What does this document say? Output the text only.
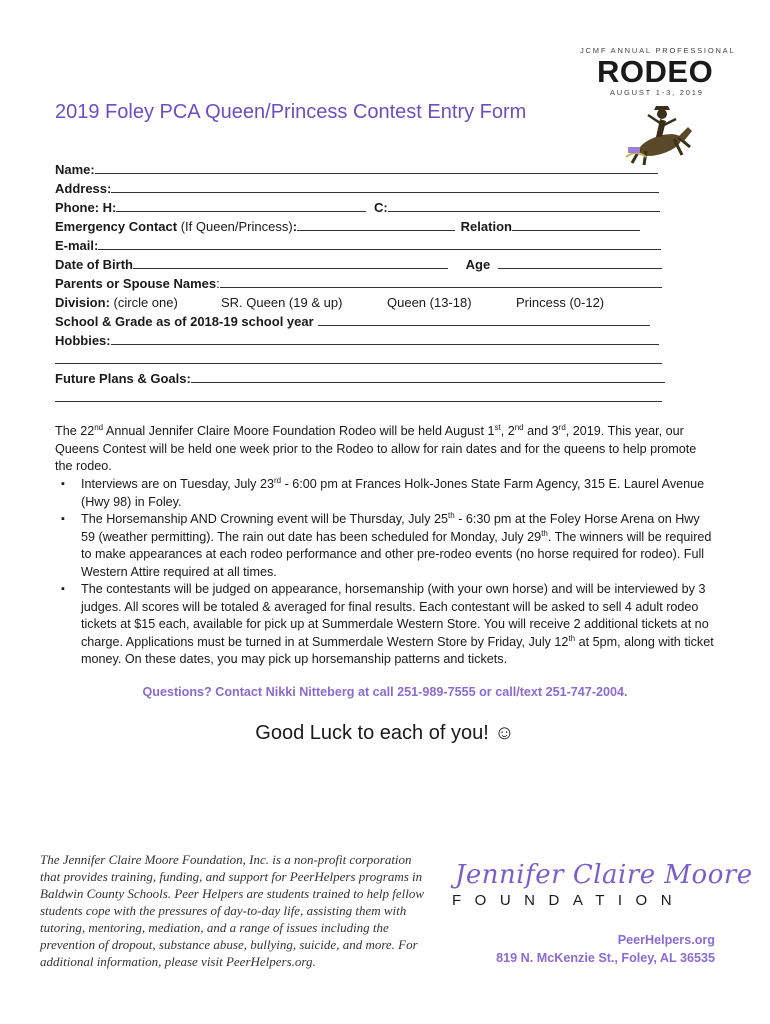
JCMF ANNUAL PROFESSIONAL
RODEO
AUGUST 1-3, 2019
2019 Foley PCA Queen/Princess Contest Entry Form
Name:
Address:
Phone: H:	C:
Emergency Contact (If Queen/Princess):	Relation
E-mail:
Date of Birth	Age
Parents or Spouse Names:
Division: (circle one)	SR. Queen (19 & up)	Queen (13-18)	Princess (0-12)
School & Grade as of 2018-19 school year
Hobbies:
Future Plans & Goals:
The 22nd Annual Jennifer Claire Moore Foundation Rodeo will be held August 1st, 2nd and 3rd, 2019. This year, our Queens Contest will be held one week prior to the Rodeo to allow for rain dates and for the queens to help promote the rodeo.
▪ Interviews are on Tuesday, July 23rd - 6:00 pm at Frances Holk-Jones State Farm Agency, 315 E. Laurel Avenue (Hwy 98) in Foley.
▪ The Horsemanship AND Crowning event will be Thursday, July 25th - 6:30 pm at the Foley Horse Arena on Hwy 59 (weather permitting). The rain out date has been scheduled for Monday, July 29th. The winners will be required to make appearances at each rodeo performance and other pre-rodeo events (no horse required for rodeo). Full Western Attire required at all times.
▪ The contestants will be judged on appearance, horsemanship (with your own horse) and will be interviewed by 3 judges. All scores will be totaled & averaged for final results. Each contestant will be asked to sell 4 adult rodeo tickets at $15 each, available for pick up at Summerdale Western Store. You will receive 2 additional tickets at no charge. Applications must be turned in at Summerdale Western Store by Friday, July 12th at 5pm, along with ticket money. On these dates, you may pick up horsemanship patterns and tickets.
Questions? Contact Nikki Nitteberg at call 251-989-7555 or call/text 251-747-2004.
Good Luck to each of you! ☺
The Jennifer Claire Moore Foundation, Inc. is a non-profit corporation that provides training, funding, and support for PeerHelpers programs in Baldwin County Schools. Peer Helpers are students trained to help fellow students cope with the pressures of day-to-day life, assisting them with tutoring, mentoring, mediation, and a range of issues including the prevention of dropout, substance abuse, bullying, suicide, and more. For additional information, please visit PeerHelpers.org.
Jennifer Claire Moore
FOUNDATION
PeerHelpers.org
819 N. McKenzie St., Foley, AL 36535
